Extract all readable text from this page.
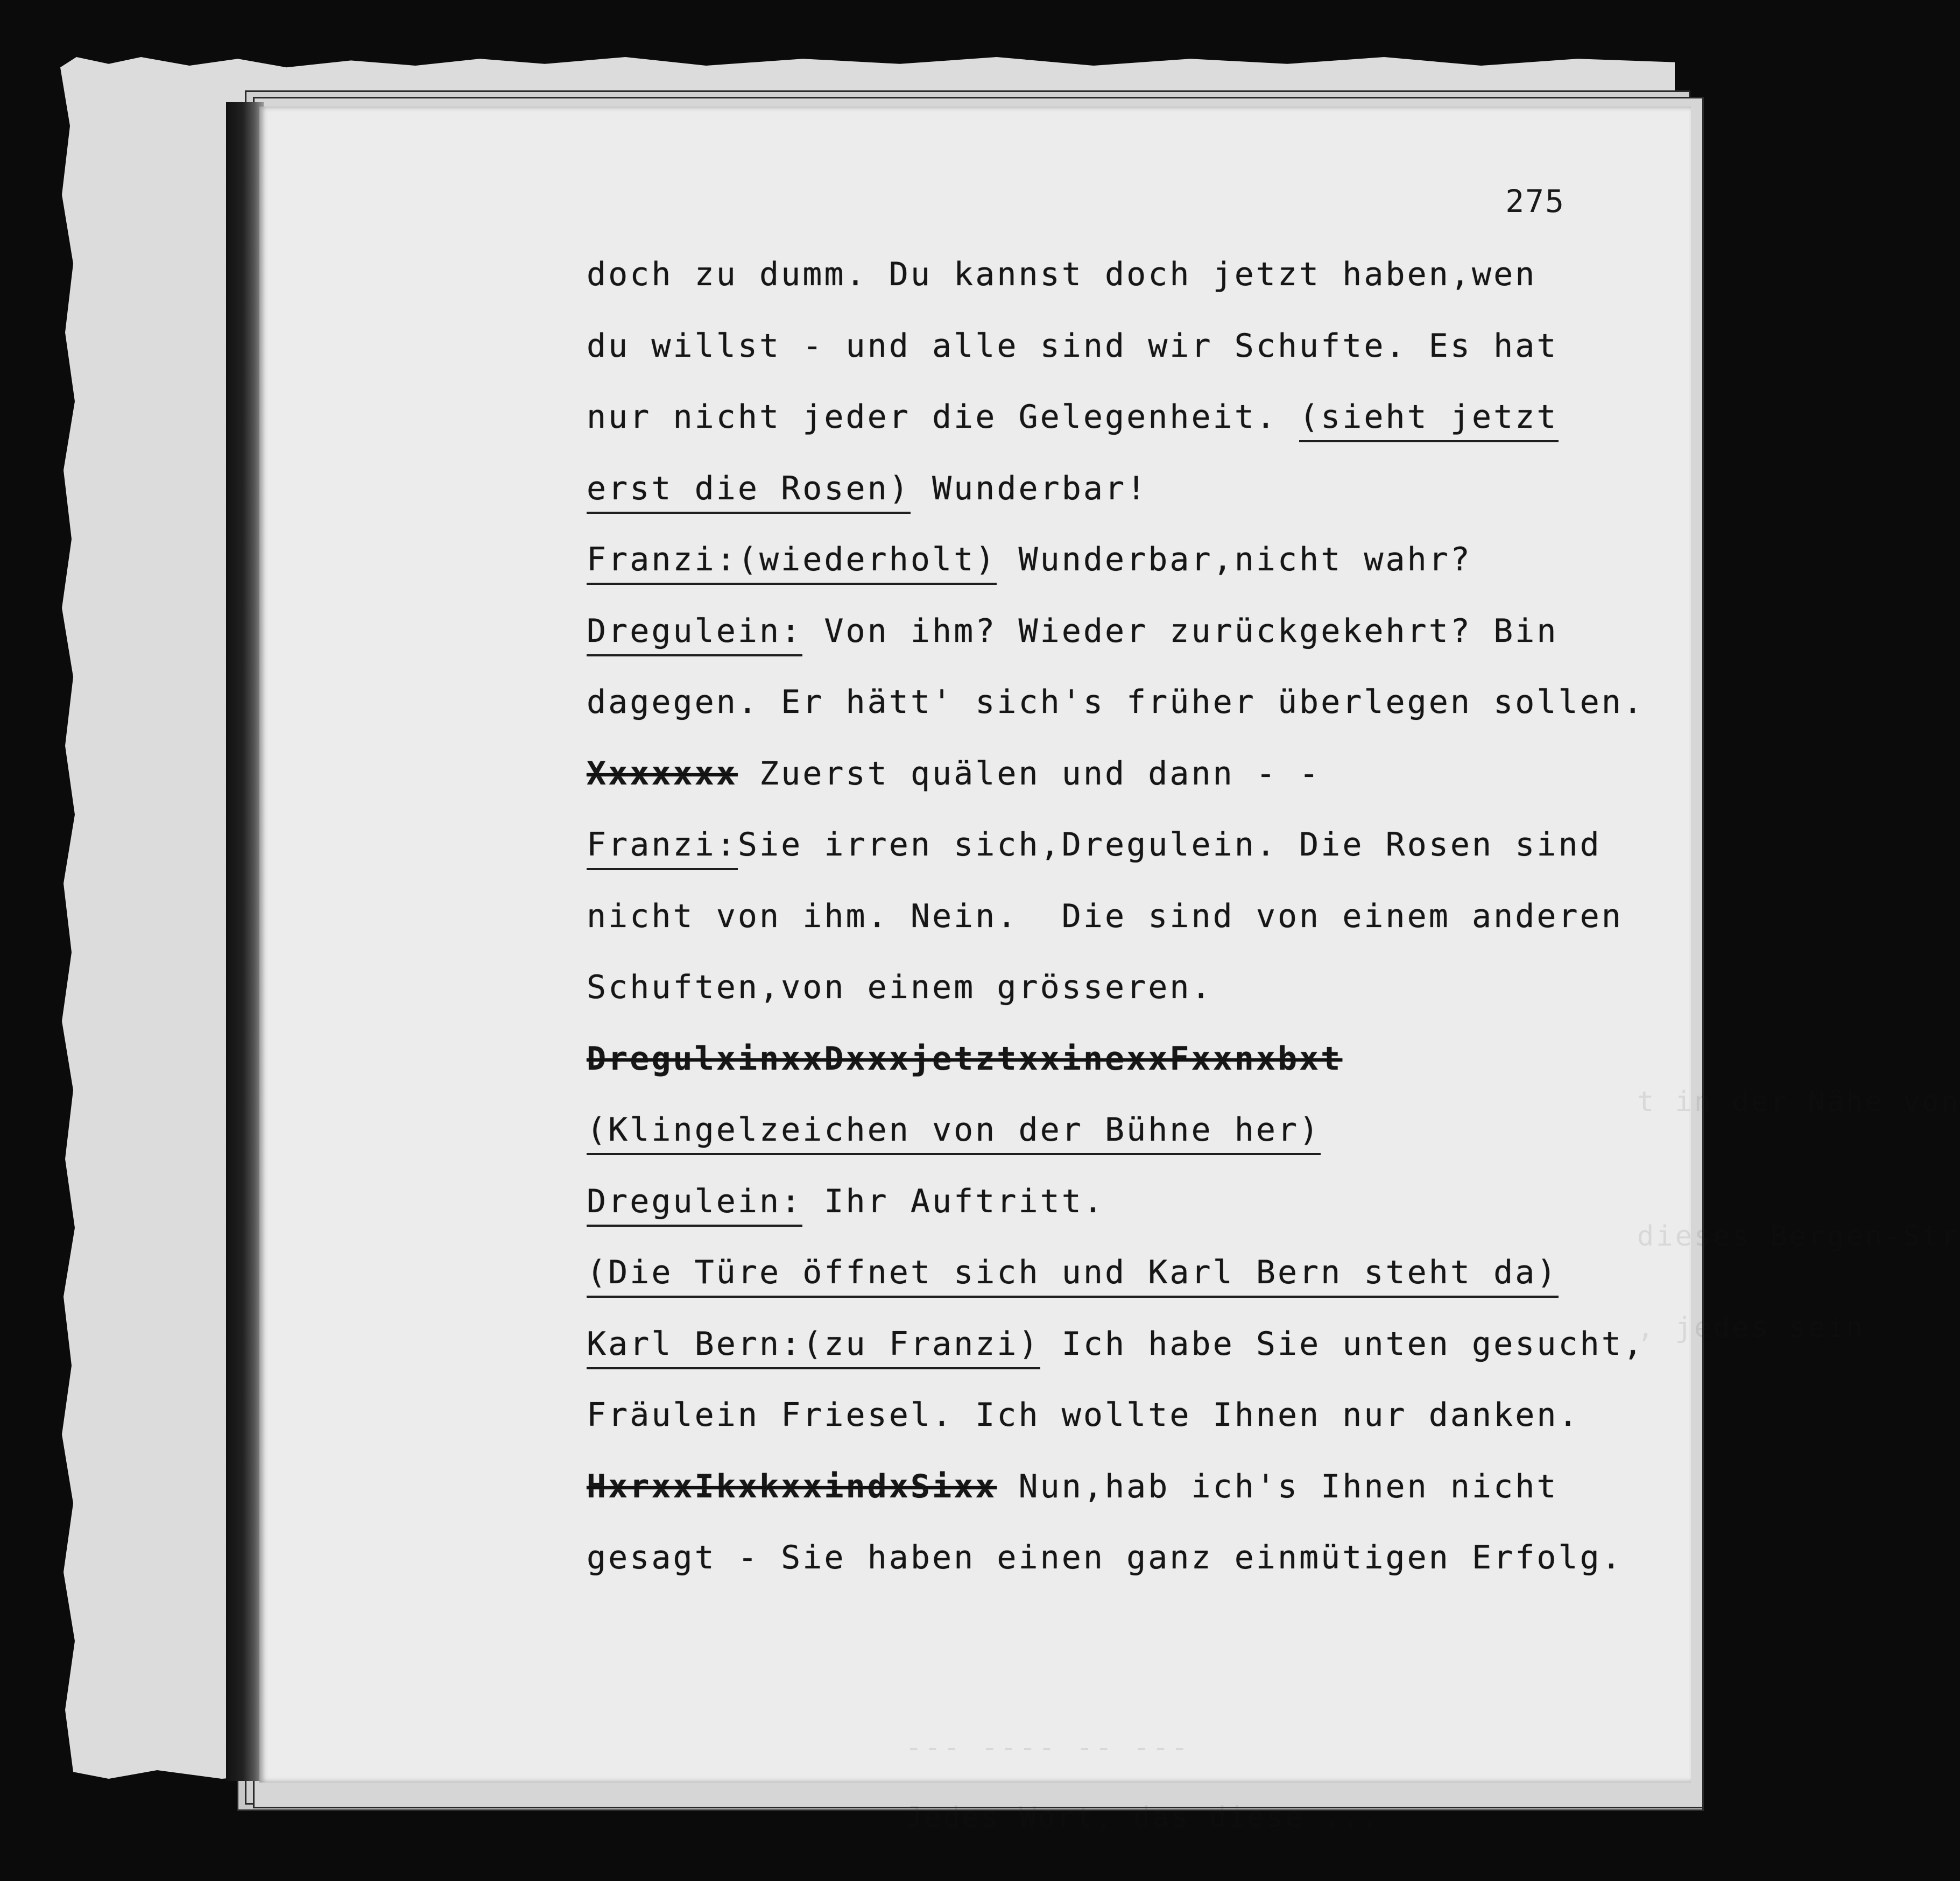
t in der Nähe von
dieses Bergen-Str
, jedes sein
--- ---- -- ---
Jedes Wort, das diese ...
275
doch zu dumm. Du kannst doch jetzt haben,wen
du willst - und alle sind wir Schufte. Es hat
nur nicht jeder die Gelegenheit. (sieht jetzt
erst die Rosen) Wunderbar!
Franzi:(wiederholt) Wunderbar,nicht wahr?
Dregulein: Von ihm? Wieder zurückgekehrt? Bin
dagegen. Er hätt' sich's früher überlegen sollen.
Xxxxxxx Zuerst quälen und dann - -
Franzi:Sie irren sich,Dregulein. Die Rosen sind
nicht von ihm. Nein.  Die sind von einem anderen
Schuften,von einem grösseren.
DregulxinxxDxxxjetztxxinexxFxxnxbxt
(Klingelzeichen von der Bühne her)
Dregulein: Ihr Auftritt.
(Die Türe öffnet sich und Karl Bern steht da)
Karl Bern:(zu Franzi) Ich habe Sie unten gesucht,
Fräulein Friesel. Ich wollte Ihnen nur danken.
HxrxxIkxkxxindxSixx Nun,hab ich's Ihnen nicht
gesagt - Sie haben einen ganz einmütigen Erfolg.
